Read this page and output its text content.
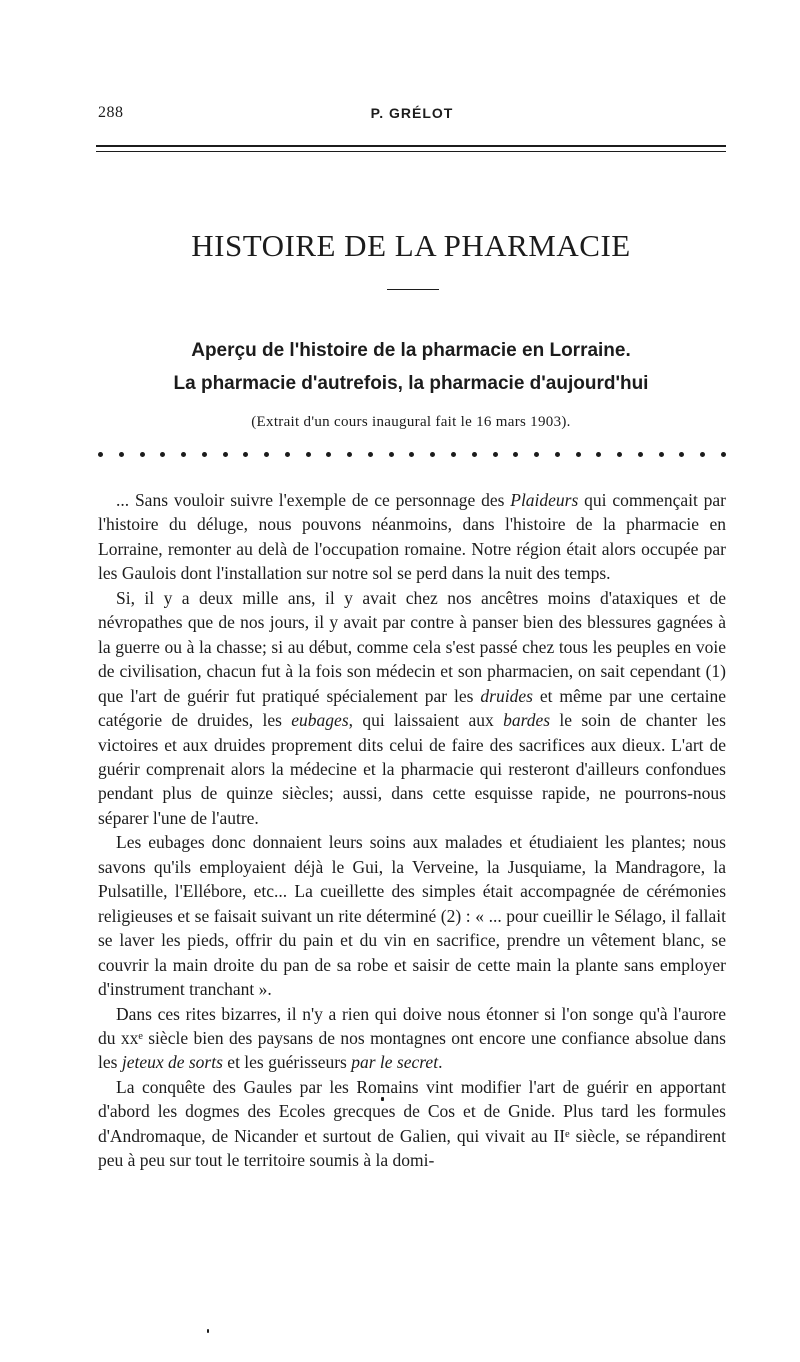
288	P. GRÉLOT
HISTOIRE DE LA PHARMACIE
Aperçu de l'histoire de la pharmacie en Lorraine.
La pharmacie d'autrefois, la pharmacie d'aujourd'hui
(Extrait d'un cours inaugural fait le 16 mars 1903).

... Sans vouloir suivre l'exemple de ce personnage des Plaideurs qui commençait par l'histoire du déluge, nous pouvons néanmoins, dans l'histoire de la pharmacie en Lorraine, remonter au delà de l'occupation romaine. Notre région était alors occupée par les Gaulois dont l'installation sur notre sol se perd dans la nuit des temps.

Si, il y a deux mille ans, il y avait chez nos ancêtres moins d'ataxiques et de névropathes que de nos jours, il y avait par contre à panser bien des blessures gagnées à la guerre ou à la chasse; si au début, comme cela s'est passé chez tous les peuples en voie de civilisation, chacun fut à la fois son médecin et son pharmacien, on sait cependant (1) que l'art de guérir fut pratiqué spécialement par les druides et même par une certaine catégorie de druides, les eubages, qui laissaient aux bardes le soin de chanter les victoires et aux druides proprement dits celui de faire des sacrifices aux dieux. L'art de guérir comprenait alors la médecine et la pharmacie qui resteront d'ailleurs confondues pendant plus de quinze siècles; aussi, dans cette esquisse rapide, ne pourrons-nous séparer l'une de l'autre.

Les eubages donc donnaient leurs soins aux malades et étudiaient les plantes; nous savons qu'ils employaient déjà le Gui, la Verveine, la Jusquiame, la Mandragore, la Pulsatille, l'Ellébore, etc... La cueillette des simples était accompagnée de cérémonies religieuses et se faisait suivant un rite déterminé (2) : « ... pour cueillir le Sélago, il fallait se laver les pieds, offrir du pain et du vin en sacrifice, prendre un vêtement blanc, se couvrir la main droite du pan de sa robe et saisir de cette main la plante sans employer d'instrument tranchant ».

Dans ces rites bizarres, il n'y a rien qui doive nous étonner si l'on songe qu'à l'aurore du xxᵉ siècle bien des paysans de nos montagnes ont encore une confiance absolue dans les jeteux de sorts et les guérisseurs par le secret.

La conquête des Gaules par les Romains vint modifier l'art de guérir en apportant d'abord les dogmes des Ecoles grecques de Cos et de Gnide. Plus tard les formules d'Andromaque, de Nicander et surtout de Galien, qui vivait au IIᵉ siècle, se répandirent peu à peu sur tout le territoire soumis à la domi-
